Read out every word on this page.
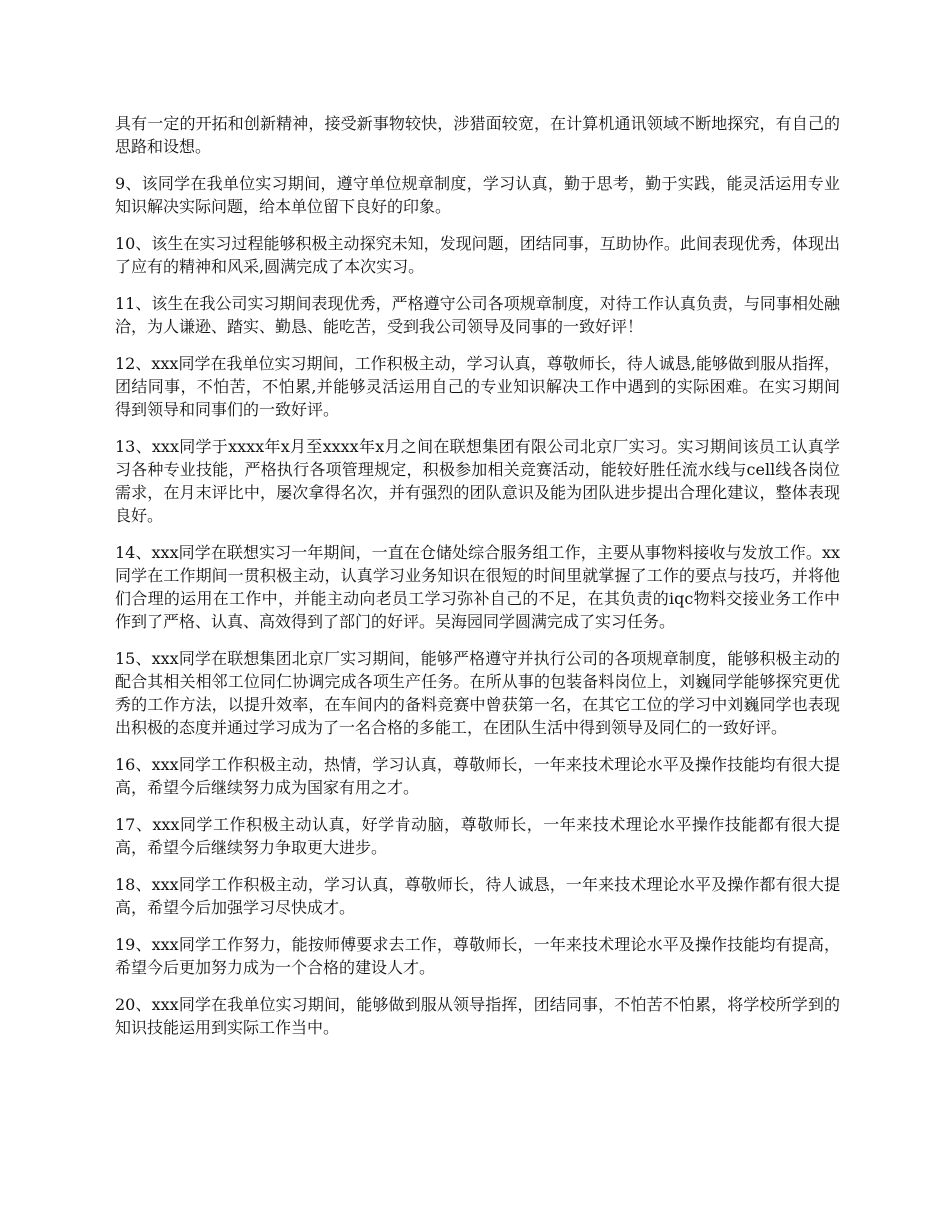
具有一定的开拓和创新精神，接受新事物较快，涉猎面较宽，在计算机通讯领域不断地探究，有自己的思路和设想。

9、该同学在我单位实习期间，遵守单位规章制度，学习认真，勤于思考，勤于实践，能灵活运用专业知识解决实际问题，给本单位留下良好的印象。

10、该生在实习过程能够积极主动探究未知，发现问题，团结同事，互助协作。此间表现优秀，体现出了应有的精神和风采,圆满完成了本次实习。

11、该生在我公司实习期间表现优秀，严格遵守公司各项规章制度，对待工作认真负责，与同事相处融洽，为人谦逊、踏实、勤恳、能吃苦，受到我公司领导及同事的一致好评！

12、xxx同学在我单位实习期间，工作积极主动，学习认真，尊敬师长，待人诚恳,能够做到服从指挥，团结同事，不怕苦，不怕累,并能够灵活运用自己的专业知识解决工作中遇到的实际困难。在实习期间得到领导和同事们的一致好评。

13、xxx同学于xxxx年x月至xxxx年x月之间在联想集团有限公司北京厂实习。实习期间该员工认真学习各种专业技能，严格执行各项管理规定，积极参加相关竞赛活动，能较好胜任流水线与cell线各岗位需求，在月末评比中，屡次拿得名次，并有强烈的团队意识及能为团队进步提出合理化建议，整体表现良好。

14、xxx同学在联想实习一年期间，一直在仓储处综合服务组工作，主要从事物料接收与发放工作。xx同学在工作期间一贯积极主动，认真学习业务知识在很短的时间里就掌握了工作的要点与技巧，并将他们合理的运用在工作中，并能主动向老员工学习弥补自己的不足，在其负责的iqc物料交接业务工作中作到了严格、认真、高效得到了部门的好评。吴海园同学圆满完成了实习任务。

15、xxx同学在联想集团北京厂实习期间，能够严格遵守并执行公司的各项规章制度，能够积极主动的配合其相关相邻工位同仁协调完成各项生产任务。在所从事的包装备料岗位上，刘巍同学能够探究更优秀的工作方法，以提升效率，在车间内的备料竞赛中曾获第一名，在其它工位的学习中刘巍同学也表现出积极的态度并通过学习成为了一名合格的多能工，在团队生活中得到领导及同仁的一致好评。

16、xxx同学工作积极主动，热情，学习认真，尊敬师长，一年来技术理论水平及操作技能均有很大提高，希望今后继续努力成为国家有用之才。

17、xxx同学工作积极主动认真，好学肯动脑，尊敬师长，一年来技术理论水平操作技能都有很大提高，希望今后继续努力争取更大进步。

18、xxx同学工作积极主动，学习认真，尊敬师长，待人诚恳，一年来技术理论水平及操作都有很大提高，希望今后加强学习尽快成才。

19、xxx同学工作努力，能按师傅要求去工作，尊敬师长，一年来技术理论水平及操作技能均有提高，希望今后更加努力成为一个合格的建设人才。

20、xxx同学在我单位实习期间，能够做到服从领导指挥，团结同事，不怕苦不怕累，将学校所学到的知识技能运用到实际工作当中。
